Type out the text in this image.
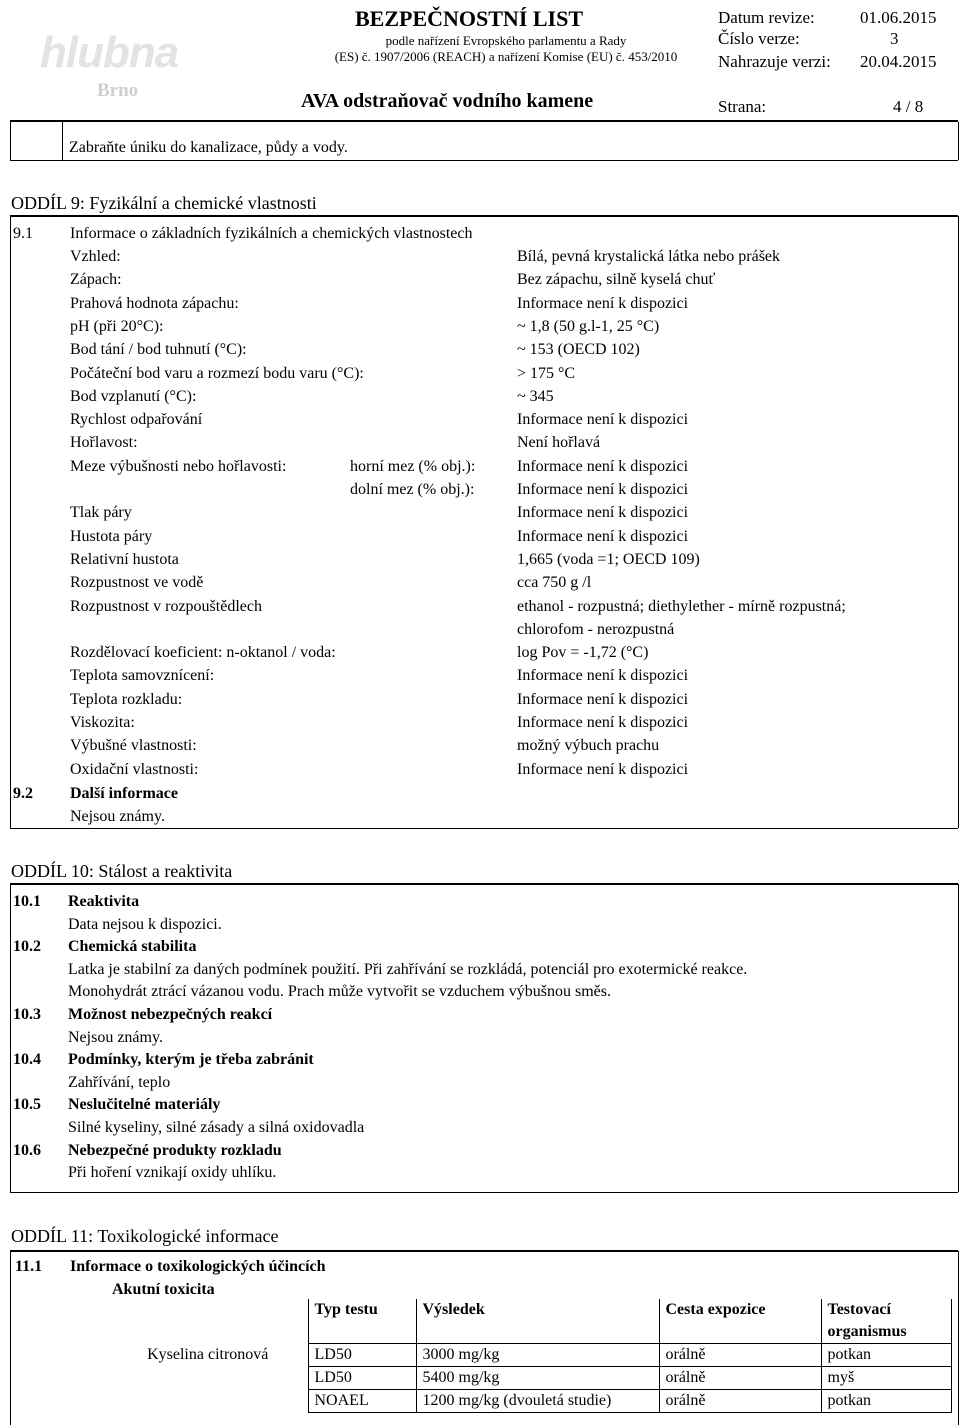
hlubna
Brno
BEZPEČNOSTNÍ LIST
podle nařízení Evropského parlamentu a Rady
(ES) č. 1907/2006 (REACH) a nařízení Komise (EU) č. 453/2010
AVA odstraňovač vodního kamene
Datum revize:	01.06.2015
Číslo verze:	3
Nahrazuje verzi: 20.04.2015
Strana:	4 / 8
Zabraňte úniku do kanalizace, půdy a vody.
ODDÍL 9: Fyzikální a chemické vlastnosti
9.1 Informace o základních fyzikálních a chemických vlastnostech
Vzhled:	Bílá, pevná krystalická látka nebo prášek
Zápach:	Bez zápachu, silně kyselá chuť
Prahová hodnota zápachu:	Informace není k dispozici
pH (při 20°C):	~ 1,8 (50 g.l-1, 25 °C)
Bod tání / bod tuhnutí (°C):	~ 153 (OECD 102)
Počáteční bod varu a rozmezí bodu varu (°C):	> 175 °C
Bod vzplanutí (°C):	~ 345
Rychlost odpařování	Informace není k dispozici
Hořlavost:	Není hořlavá
Meze výbušnosti nebo hořlavosti:	horní mez (% obj.):	Informace není k dispozici
dolní mez (% obj.):	Informace není k dispozici
Tlak páry	Informace není k dispozici
Hustota páry	Informace není k dispozici
Relativní hustota	1,665 (voda =1; OECD 109)
Rozpustnost ve vodě	cca 750 g /l
Rozpustnost v rozpouštědlech	ethanol - rozpustná; diethylether - mírně rozpustná;
chlorofom - nerozpustná
Rozdělovací koeficient: n-oktanol / voda:	log Pov = -1,72 (°C)
Teplota samovznícení:	Informace není k dispozici
Teplota rozkladu:	Informace není k dispozici
Viskozita:	Informace není k dispozici
Výbušné vlastnosti:	možný výbuch prachu
Oxidační vlastnosti:	Informace není k dispozici
9.2 Další informace
Nejsou známy.
ODDÍL 10: Stálost a reaktivita
10.1 Reaktivita
Data nejsou k dispozici.
10.2 Chemická stabilita
Latka je stabilní za daných podmínek použití. Při zahřívání se rozkládá, potenciál pro exotermické reakce.
Monohydrát ztrácí vázanou vodu. Prach může vytvořit se vzduchem výbušnou směs.
10.3 Možnost nebezpečných reakcí
Nejsou známy.
10.4 Podmínky, kterým je třeba zabránit
Zahřívání, teplo
10.5 Neslučitelné materiály
Silné kyseliny, silné zásady a silná oxidovadla
10.6 Nebezpečné produkty rozkladu
Při hoření vznikají oxidy uhlíku.
ODDÍL 11: Toxikologické informace
11.1 Informace o toxikologických účincích
Akutní toxicita
	Typ testu	Výsledek	Cesta expozice	Testovací organismus
Kyselina citronová	LD50	3000 mg/kg	orálně	potkan
	LD50	5400 mg/kg	orálně	myš
	NOAEL	1200 mg/kg (dvouletá studie)	orálně	potkan
